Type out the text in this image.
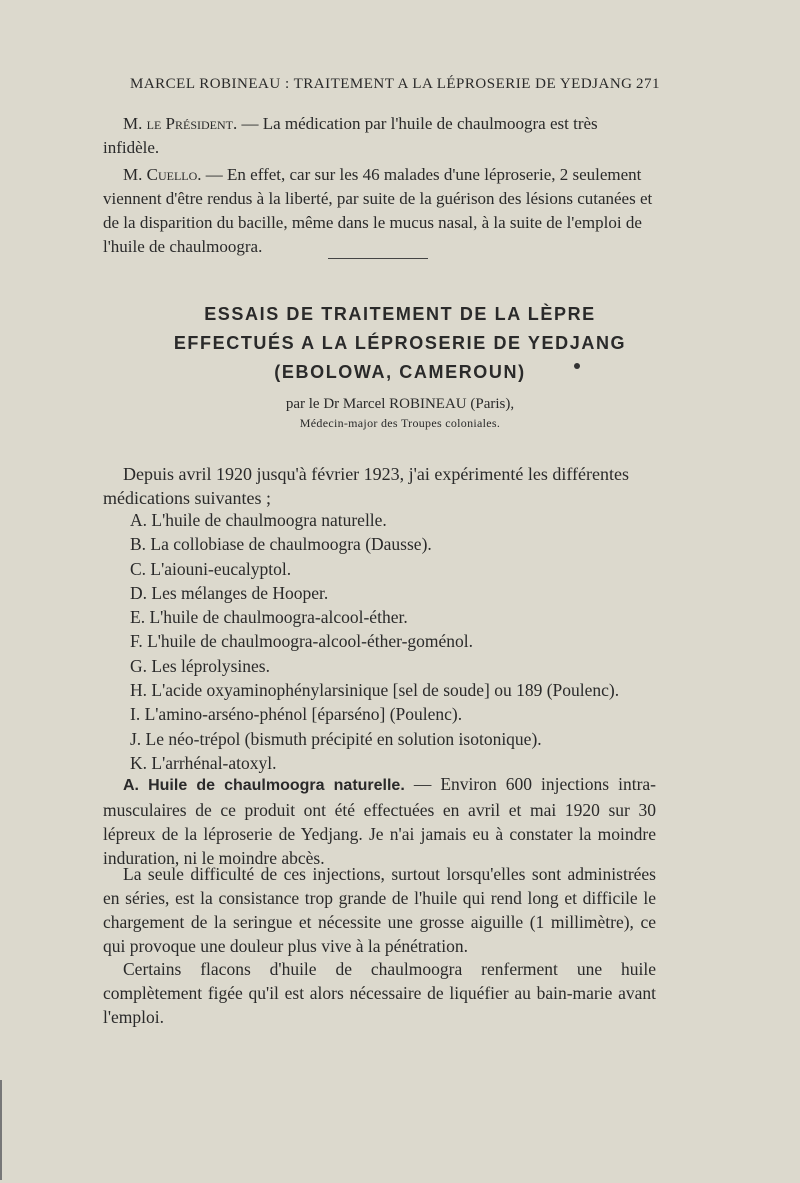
MARCEL ROBINEAU : TRAITEMENT A LA LÉPROSERIE DE YEDJANG 271
M. le Président. — La médication par l'huile de chaulmoogra est très infidèle.
M. Cuello. — En effet, car sur les 46 malades d'une léproserie, 2 seulement viennent d'être rendus à la liberté, par suite de la guérison des lésions cutanées et de la disparition du bacille, même dans le mucus nasal, à la suite de l'emploi de l'huile de chaulmoogra.
ESSAIS DE TRAITEMENT DE LA LÈPRE
EFFECTUÉS A LA LÉPROSERIE DE YEDJANG
(EBOLOWA, CAMEROUN)
par le Dr Marcel ROBINEAU (Paris),
Médecin-major des Troupes coloniales.
Depuis avril 1920 jusqu'à février 1923, j'ai expérimenté les différentes médications suivantes ;
A. L'huile de chaulmoogra naturelle.
B. La collobiase de chaulmoogra (Dausse).
C. L'aiouni-eucalyptol.
D. Les mélanges de Hooper.
E. L'huile de chaulmoogra-alcool-éther.
F. L'huile de chaulmoogra-alcool-éther-goménol.
G. Les léprolysines.
H. L'acide oxyaminophénylarsinique [sel de soude] ou 189 (Poulenc).
I. L'amino-arséno-phénol [éparséno] (Poulenc).
J. Le néo-trépol (bismuth précipité en solution isotonique).
K. L'arrhénal-atoxyl.
A. Huile de chaulmoogra naturelle. — Environ 600 injections intra-musculaires de ce produit ont été effectuées en avril et mai 1920 sur 30 lépreux de la léproserie de Yedjang. Je n'ai jamais eu à constater la moindre induration, ni le moindre abcès.
La seule difficulté de ces injections, surtout lorsqu'elles sont administrées en séries, est la consistance trop grande de l'huile qui rend long et difficile le chargement de la seringue et nécessite une grosse aiguille (1 millimètre), ce qui provoque une douleur plus vive à la pénétration.
Certains flacons d'huile de chaulmoogra renferment une huile complètement figée qu'il est alors nécessaire de liquéfier au bain-marie avant l'emploi.
